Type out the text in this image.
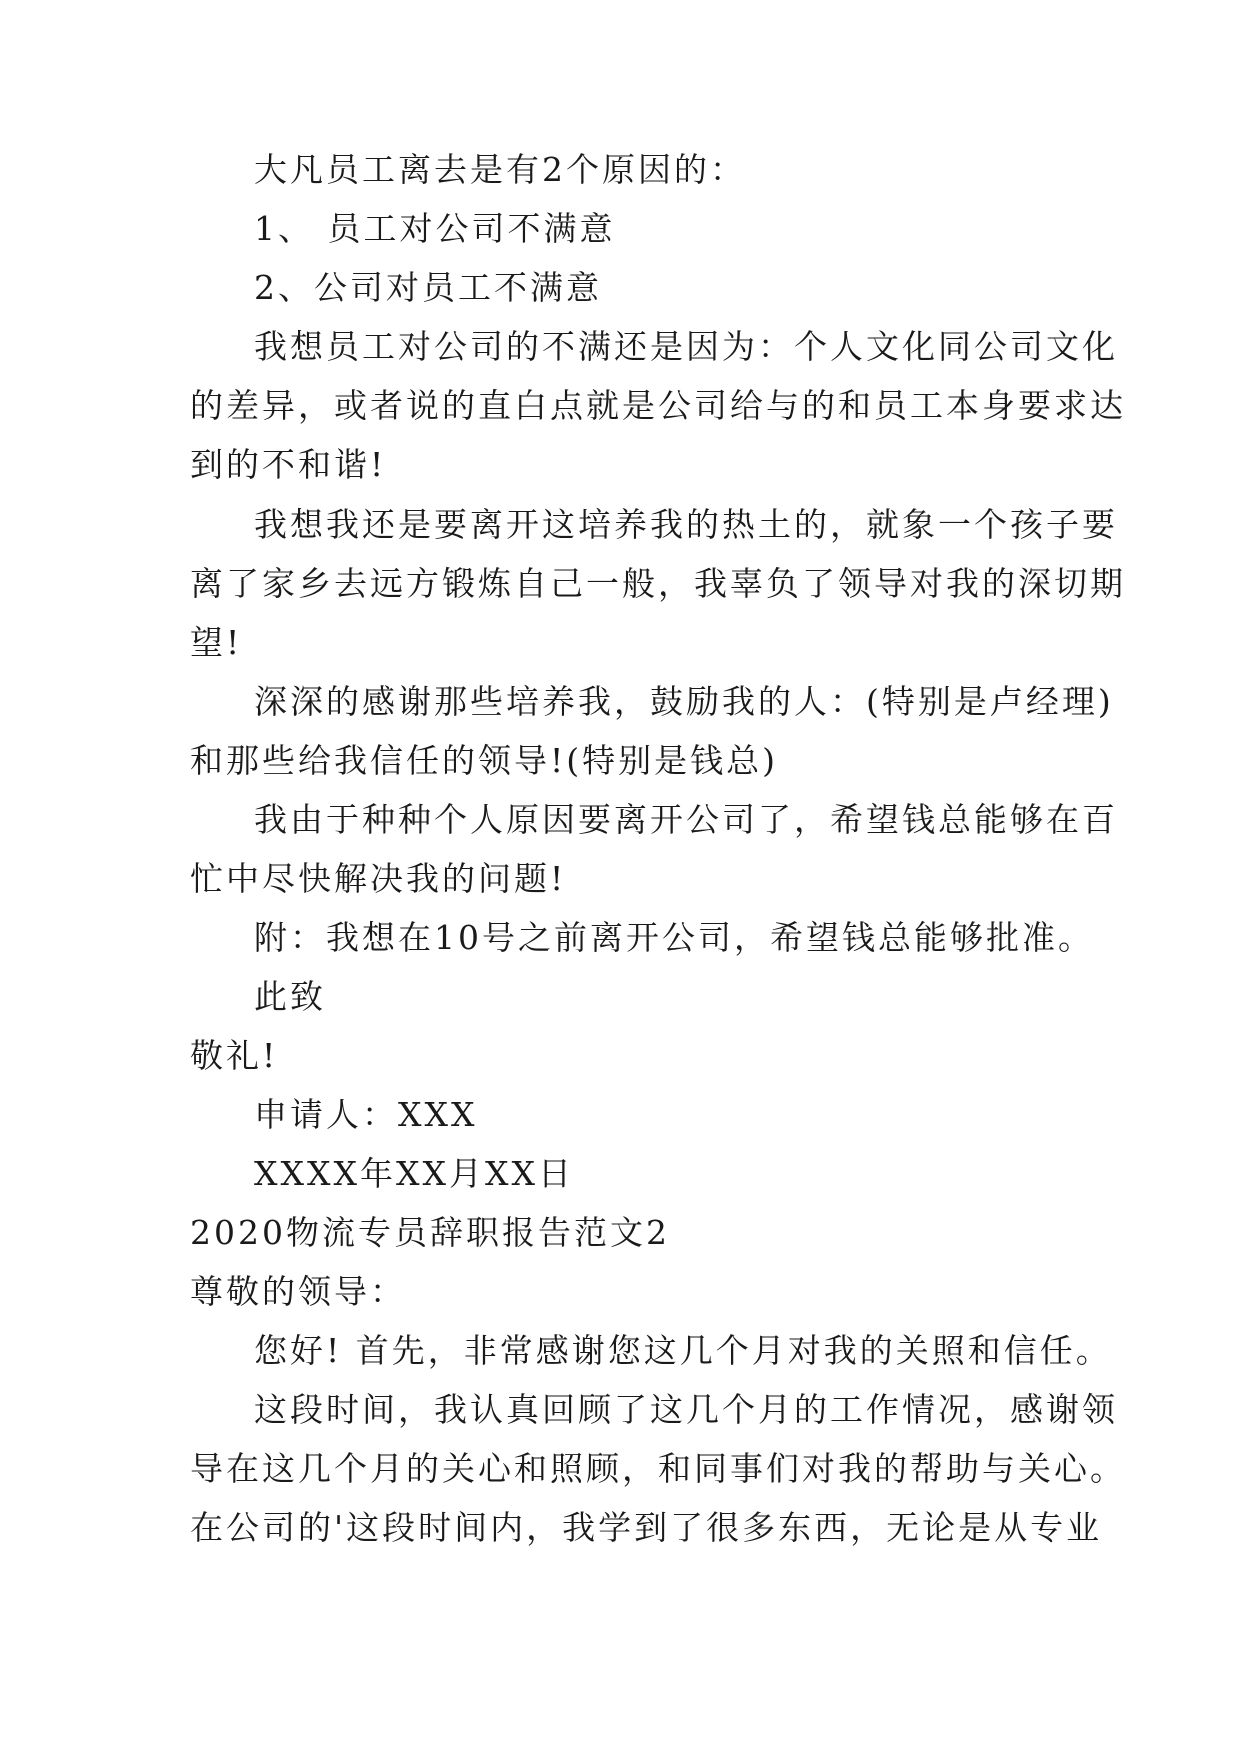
大凡员工离去是有2个原因的：
1、 员工对公司不满意
2、公司对员工不满意
我想员工对公司的不满还是因为：个人文化同公司文化
的差异，或者说的直白点就是公司给与的和员工本身要求达
到的不和谐!
我想我还是要离开这培养我的热土的，就象一个孩子要
离了家乡去远方锻炼自己一般，我辜负了领导对我的深切期
望!
深深的感谢那些培养我，鼓励我的人：(特别是卢经理)
和那些给我信任的领导!(特别是钱总)
我由于种种个人原因要离开公司了，希望钱总能够在百
忙中尽快解决我的问题!
附：我想在10号之前离开公司，希望钱总能够批准。
此致
敬礼!
申请人：XXX
XXXX年XX月XX日
2020物流专员辞职报告范文2
尊敬的领导：
您好! 首先，非常感谢您这几个月对我的关照和信任。
这段时间，我认真回顾了这几个月的工作情况，感谢领
导在这几个月的关心和照顾，和同事们对我的帮助与关心。
在公司的'这段时间内，我学到了很多东西，无论是从专业
